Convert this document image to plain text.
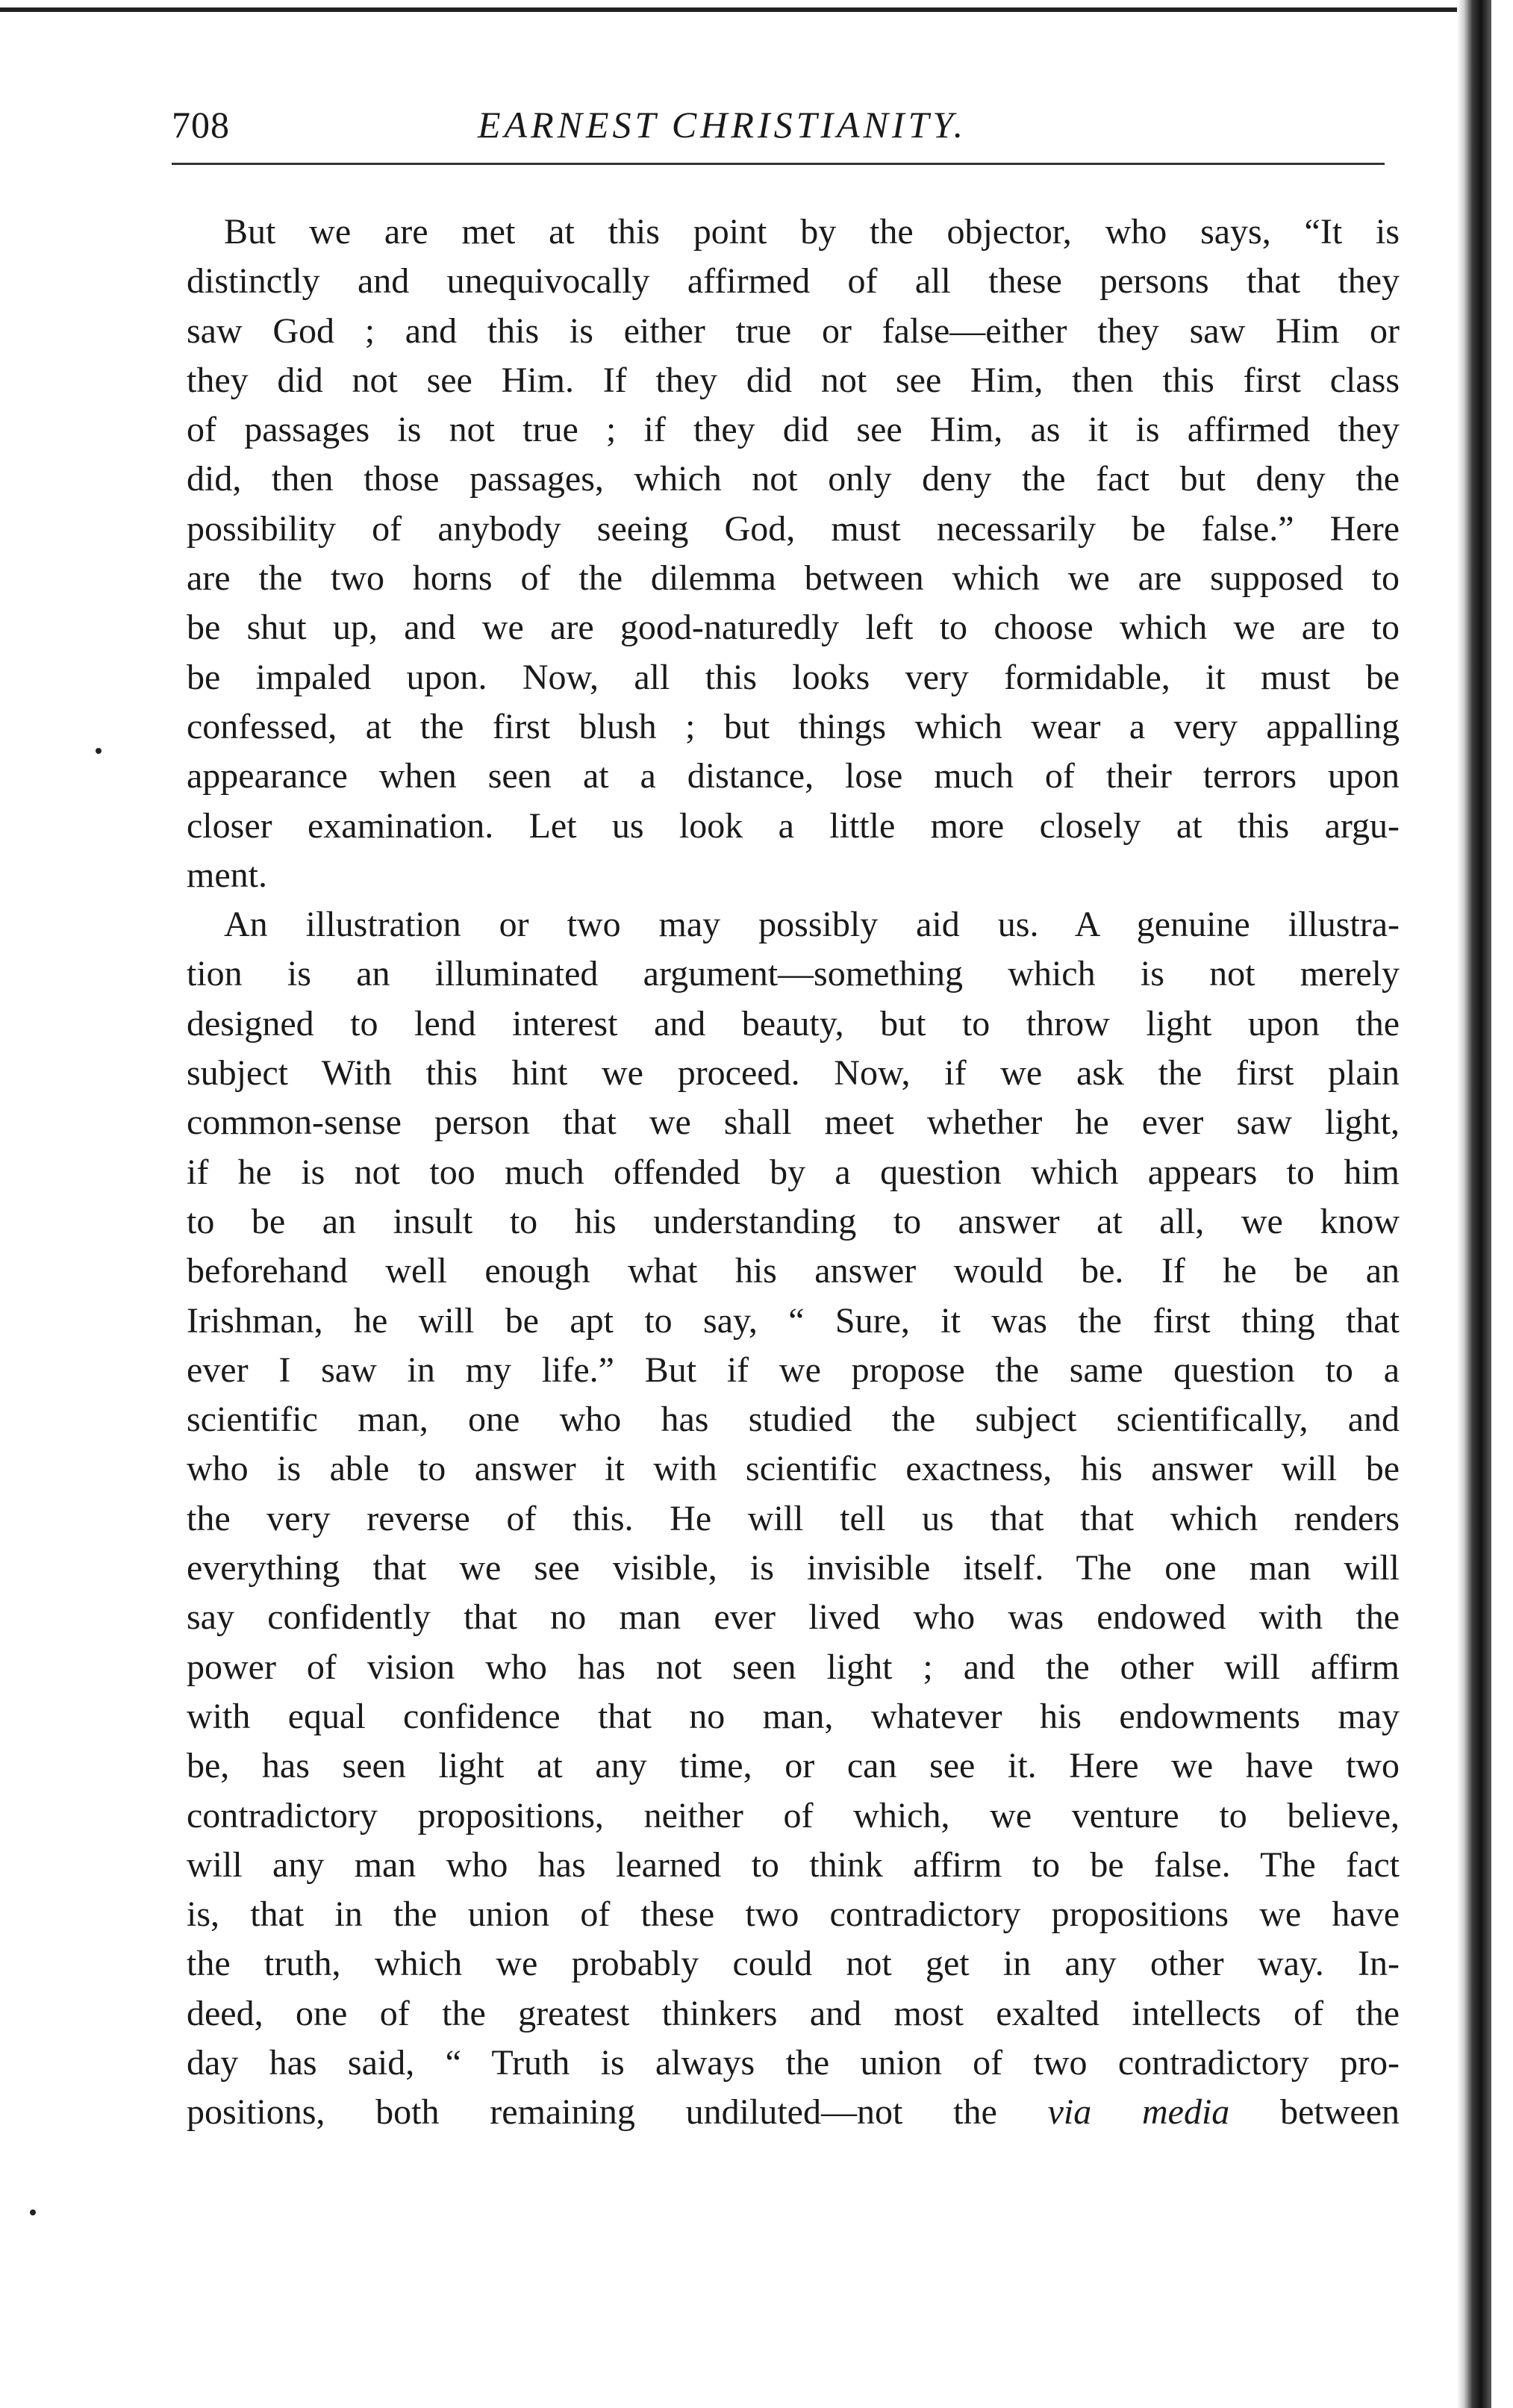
708	EARNEST CHRISTIANITY.
But we are met at this point by the objector, who says, “It is
distinctly and unequivocally affirmed of all these persons that they
saw God ; and this is either true or false—either they saw Him or
they did not see Him. If they did not see Him, then this first class
of passages is not true ; if they did see Him, as it is affirmed they
did, then those passages, which not only deny the fact but deny the
possibility of anybody seeing God, must necessarily be false.” Here
are the two horns of the dilemma between which we are supposed to
be shut up, and we are good-naturedly left to choose which we are to
be impaled upon. Now, all this looks very formidable, it must be
confessed, at the first blush ; but things which wear a very appalling
appearance when seen at a distance, lose much of their terrors upon
closer examination. Let us look a little more closely at this argu-
ment.
An illustration or two may possibly aid us. A genuine illustra-
tion is an illuminated argument—something which is not merely
designed to lend interest and beauty, but to throw light upon the
subject With this hint we proceed. Now, if we ask the first plain
common-sense person that we shall meet whether he ever saw light,
if he is not too much offended by a question which appears to him
to be an insult to his understanding to answer at all, we know
beforehand well enough what his answer would be. If he be an
Irishman, he will be apt to say, “ Sure, it was the first thing that
ever I saw in my life.” But if we propose the same question to a
scientific man, one who has studied the subject scientifically, and
who is able to answer it with scientific exactness, his answer will be
the very reverse of this. He will tell us that that which renders
everything that we see visible, is invisible itself. The one man will
say confidently that no man ever lived who was endowed with the
power of vision who has not seen light ; and the other will affirm
with equal confidence that no man, whatever his endowments may
be, has seen light at any time, or can see it. Here we have two
contradictory propositions, neither of which, we venture to believe,
will any man who has learned to think affirm to be false. The fact
is, that in the union of these two contradictory propositions we have
the truth, which we probably could not get in any other way. In-
deed, one of the greatest thinkers and most exalted intellects of the
day has said, “ Truth is always the union of two contradictory pro-
positions, both remaining undiluted—not the via media between
